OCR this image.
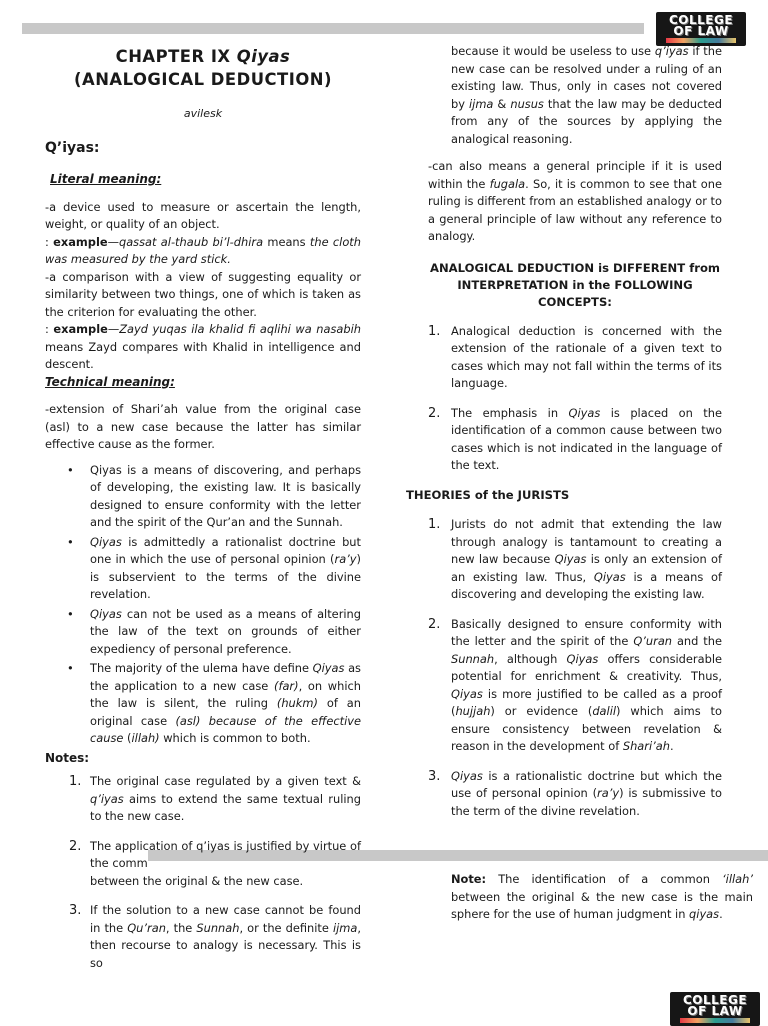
COLLEGE
OF LAW
COLLEGE
OF LAW
CHAPTER IX Qiyas
(ANALOGICAL DEDUCTION)
avilesk
Q’iyas:
Literal meaning:

-a device used to measure or ascertain the length, weight, or quality of an object.

: example—qassat al-thaub bi’l-dhira means the cloth was measured by the yard stick.

-a comparison with a view of suggesting equality or similarity between two things, one of which is taken as the criterion for evaluating the other.

: example—Zayd yuqas ila khalid fi aqlihi wa nasabih means Zayd compares with Khalid in intelligence and descent.

Technical meaning:

-extension of Shari’ah value from the original case (asl) to a new case because the latter has similar effective cause as the former.

• Qiyas is a means of discovering, and perhaps of developing, the existing law. It is basically designed to ensure conformity with the letter and the spirit of the Qur’an and the Sunnah.
• Qiyas is admittedly a rationalist doctrine but one in which the use of personal opinion (ra’y) is subservient to the terms of the divine revelation.
• Qiyas can not be used as a means of altering the law of the text on grounds of either expediency of personal preference.
• The majority of the ulema have define Qiyas as the application to a new case (far), on which the law is silent, the ruling (hukm) of an original case (asl) because of the effective cause (illah) which is common to both.
Notes:
1. The original case regulated by a given text & q’iyas aims to extend the same textual ruling to the new case.
2. The application of q’iyas is justified by virtue of the comm
between the original & the new case.
3. If the solution to a new case cannot be found in the Qu’ran, the Sunnah, or the definite ijma, then recourse to analogy is necessary. This is so

because it would be useless to use q’iyas if the new case can be resolved under a ruling of an existing law. Thus, only in cases not covered by ijma & nusus that the law may be deducted from any of the sources by applying the analogical reasoning.

-can also means a general principle if it is used within the fugala. So, it is common to see that one ruling is different from an established analogy or to a general principle of law without any reference to analogy.

ANALOGICAL DEDUCTION is DIFFERENT from INTERPRETATION in the FOLLOWING CONCEPTS:
1. Analogical deduction is concerned with the extension of the rationale of a given text to cases which may not fall within the terms of its language.
2. The emphasis in Qiyas is placed on the identification of a common cause between two cases which is not indicated in the language of the text.
THEORIES of the JURISTS
1. Jurists do not admit that extending the law through analogy is tantamount to creating a new law because Qiyas is only an extension of an existing law. Thus, Qiyas is a means of discovering and developing the existing law.
2. Basically designed to ensure conformity with the letter and the spirit of the Q’uran and the Sunnah, although Qiyas offers considerable potential for enrichment & creativity. Thus, Qiyas is more justified to be called as a proof (hujjah) or evidence (dalil) which aims to ensure consistency between revelation & reason in the development of Shari’ah.
3. Qiyas is a rationalistic doctrine but which the use of personal opinion (ra’y) is submissive to the term of the divine revelation.
Note: The identification of a common ‘illah’ between the original & the new case is the main sphere for the use of human judgment in qiyas.
